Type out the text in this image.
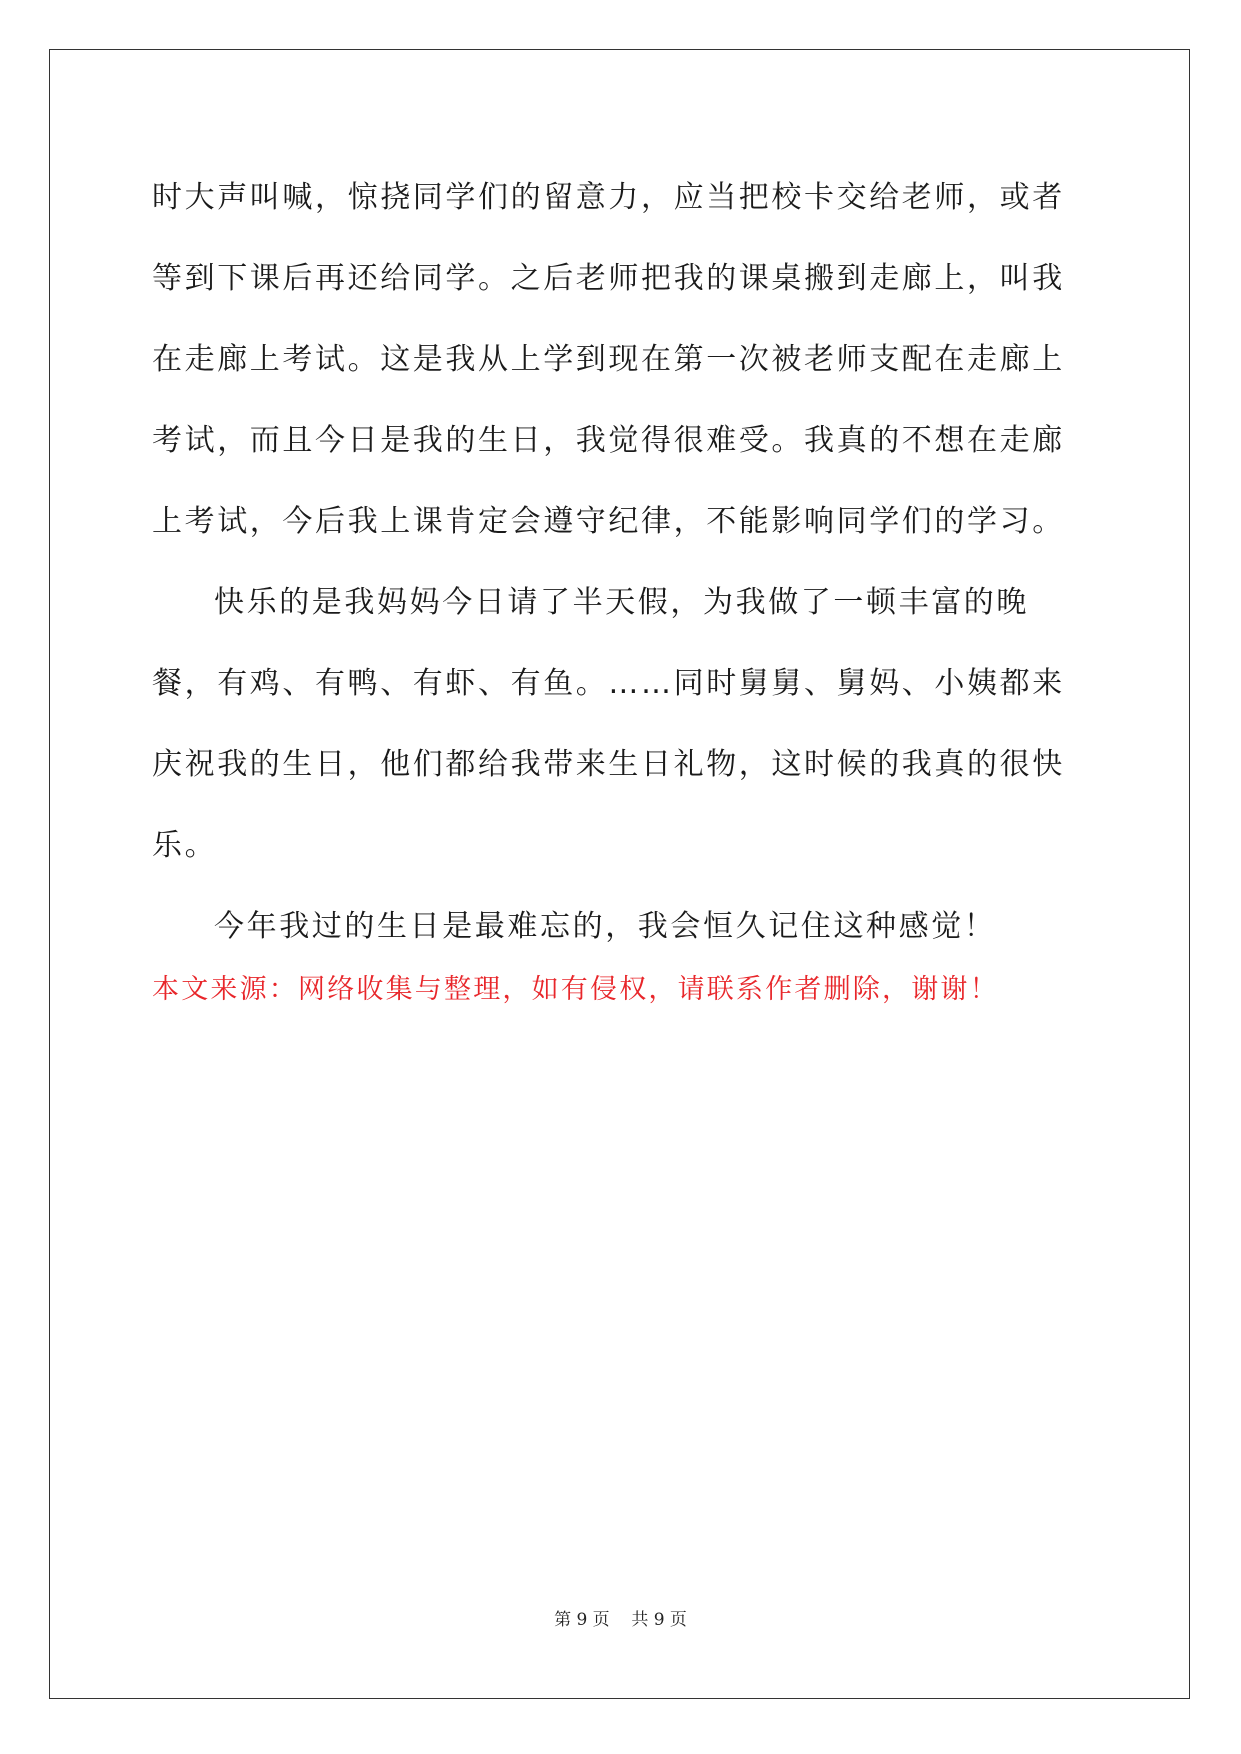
时大声叫喊，惊挠同学们的留意力，应当把校卡交给老师，或者等到下课后再还给同学。之后老师把我的课桌搬到走廊上，叫我在走廊上考试。这是我从上学到现在第一次被老师支配在走廊上考试，而且今日是我的生日，我觉得很难受。我真的不想在走廊上考试，今后我上课肯定会遵守纪律，不能影响同学们的学习。

快乐的是我妈妈今日请了半天假，为我做了一顿丰富的晚餐，有鸡、有鸭、有虾、有鱼。……同时舅舅、舅妈、小姨都来庆祝我的生日，他们都给我带来生日礼物，这时候的我真的很快乐。

今年我过的生日是最难忘的，我会恒久记住这种感觉！

本文来源：网络收集与整理，如有侵权，请联系作者删除，谢谢！

第 9 页 共 9 页
